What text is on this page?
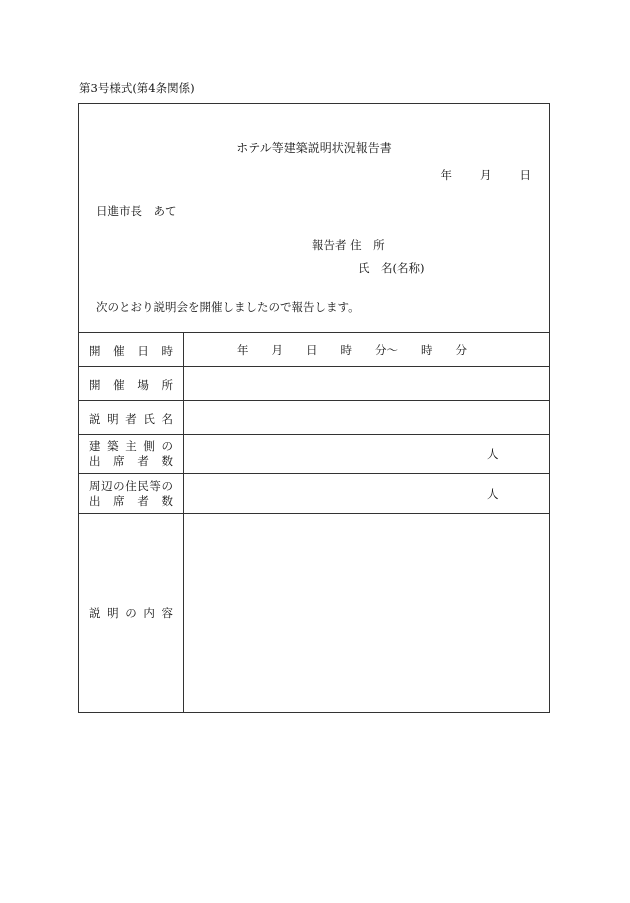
第3号様式(第4条関係)
ホテル等建築説明状況報告書
年 月 日
日進市長　あて
報告者 住　所
氏　名(名称)
次のとおり説明会を開催しましたので報告します。
開催日時	年　　月　　日　　時　　分～　　時　　分
開催場所
説明者氏名
建築主側の
出席者数	人
周辺の住民等の
出席者数	人
説明の内容
